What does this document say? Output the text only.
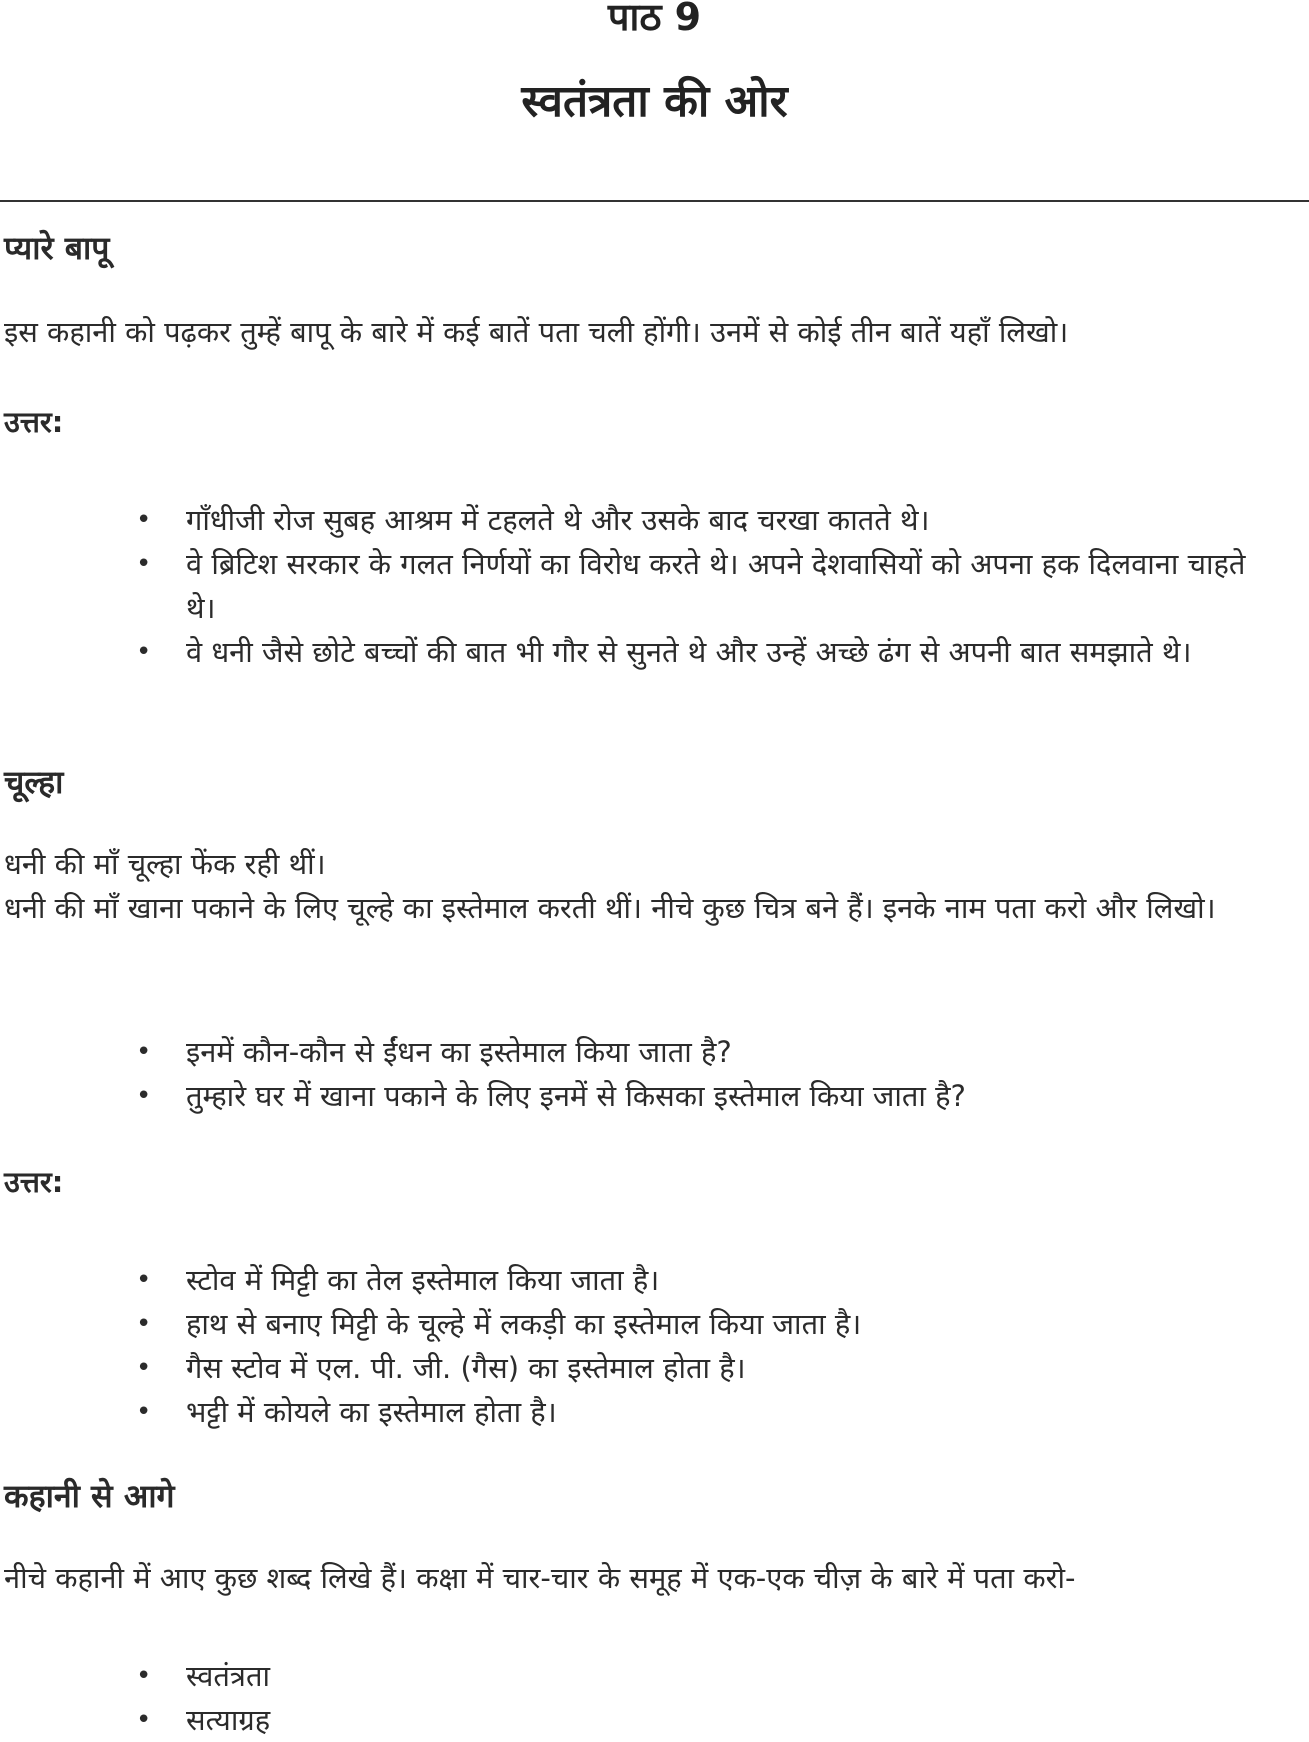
पाठ 9
स्वतंत्रता की ओर
प्यारे बापू
इस कहानी को पढ़कर तुम्हें बापू के बारे में कई बातें पता चली होंगी। उनमें से कोई तीन बातें यहाँ लिखो।
उत्तर:
• गाँधीजी रोज सुबह आश्रम में टहलते थे और उसके बाद चरखा कातते थे।
• वे ब्रिटिश सरकार के गलत निर्णयों का विरोध करते थे। अपने देशवासियों को अपना हक दिलवाना चाहते थे।
• वे धनी जैसे छोटे बच्चों की बात भी गौर से सुनते थे और उन्हें अच्छे ढंग से अपनी बात समझाते थे।
चूल्हा
धनी की माँ चूल्हा फेंक रही थीं।
धनी की माँ खाना पकाने के लिए चूल्हे का इस्तेमाल करती थीं। नीचे कुछ चित्र बने हैं। इनके नाम पता करो और लिखो।
• इनमें कौन-कौन से ईंधन का इस्तेमाल किया जाता है?
• तुम्हारे घर में खाना पकाने के लिए इनमें से किसका इस्तेमाल किया जाता है?
उत्तर:
• स्टोव में मिट्टी का तेल इस्तेमाल किया जाता है।
• हाथ से बनाए मिट्टी के चूल्हे में लकड़ी का इस्तेमाल किया जाता है।
• गैस स्टोव में एल. पी. जी. (गैस) का इस्तेमाल होता है।
• भट्टी में कोयले का इस्तेमाल होता है।
कहानी से आगे
नीचे कहानी में आए कुछ शब्द लिखे हैं। कक्षा में चार-चार के समूह में एक-एक चीज़ के बारे में पता करो-
• स्वतंत्रता
• सत्याग्रह
